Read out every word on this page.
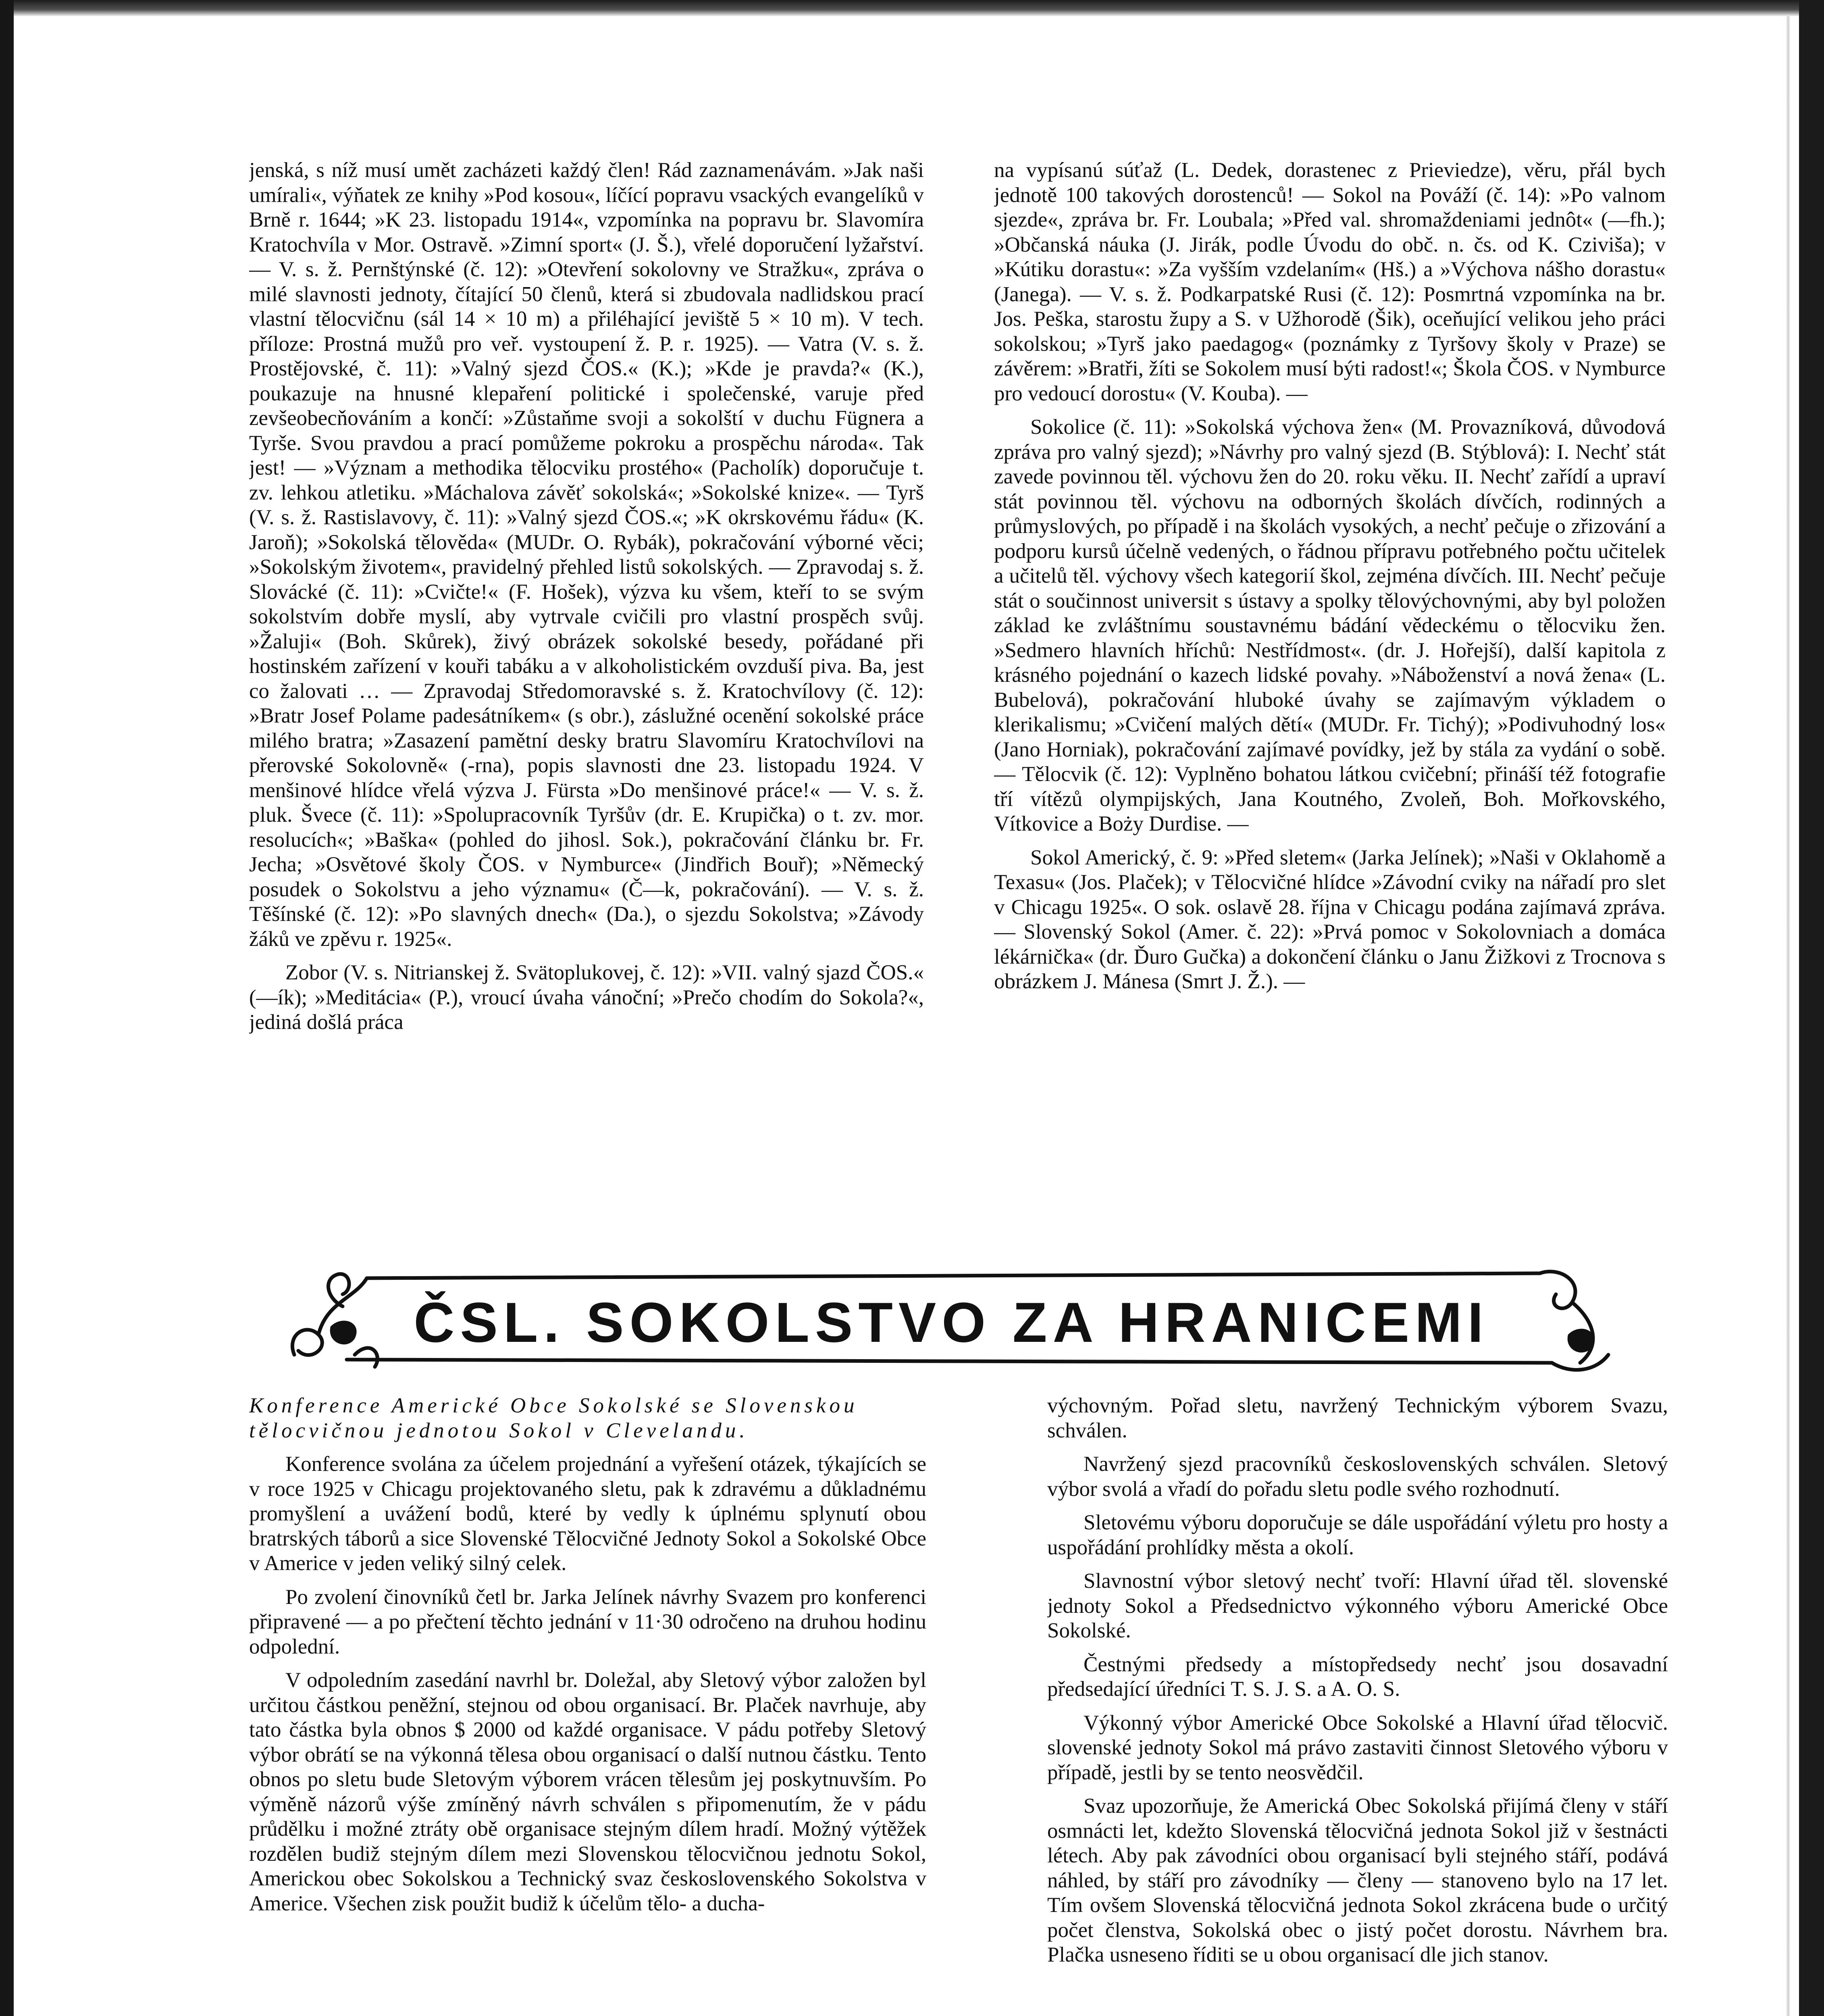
jenská, s níž musí umět zacházeti každý člen! Rád zaznamenávám. »Jak naši umírali«, výňatek ze knihy »Pod kosou«, líčící popravu vsackých evangelíků v Brně r. 1644; »K 23. listopadu 1914«, vzpomínka na popravu br. Slavomíra Kratochvíla v Mor. Ostravě. »Zimní sport« (J. Š.), vřelé doporučení lyžařství. — V. s. ž. Pernštýnské (č. 12): »Otevření sokolovny ve Stražku«, zpráva o milé slavnosti jednoty, čítající 50 členů, která si zbudovala nadlidskou prací vlastní tělocvičnu (sál 14 × 10 m) a přiléhající jeviště 5 × 10 m). V tech. příloze: Prostná mužů pro veř. vystoupení ž. P. r. 1925). — Vatra (V. s. ž. Prostějovské, č. 11): »Valný sjezd ČOS.« (K.); »Kde je pravda?« (K.), poukazuje na hnusné klepaření politické i společenské, varuje před zevšeobecňováním a končí: »Zůstaňme svoji a sokolští v duchu Fügnera a Tyrše. Svou pravdou a prací pomůžeme pokroku a prospěchu národa«. Tak jest! — »Význam a methodika tělocviku prostého« (Pacholík) doporučuje t. zv. lehkou atletiku. »Máchalova závěť sokolská«; »Sokolské knize«. — Tyrš (V. s. ž. Rastislavovy, č. 11): »Valný sjezd ČOS.«; »K okrskovému řádu« (K. Jaroň); »Sokolská tělověda« (MUDr. O. Rybák), pokračování výborné věci; »Sokolským životem«, pravidelný přehled listů sokolských. — Zpravodaj s. ž. Slovácké (č. 11): »Cvičte!« (F. Hošek), výzva ku všem, kteří to se svým sokolstvím dobře myslí, aby vytrvale cvičili pro vlastní prospěch svůj. »Žaluji« (Boh. Skůrek), živý obrázek sokolské besedy, pořádané při hostinském zařízení v kouři tabáku a v alkoholistickém ovzduší piva. Ba, jest co žalovati … — Zpravodaj Středomoravské s. ž. Kratochvílovy (č. 12): »Bratr Josef Polame padesátníkem« (s obr.), záslužné ocenění sokolské práce milého bratra; »Zasazení pamětní desky bratru Slavomíru Kratochvílovi na přerovské Sokolovně« (-rna), popis slavnosti dne 23. listopadu 1924. V menšinové hlídce vřelá výzva J. Fürsta »Do menšinové práce!« — V. s. ž. pluk. Švece (č. 11): »Spolupracovník Tyršův (dr. E. Krupička) o t. zv. mor. resolucích«; »Baška« (pohled do jihosl. Sok.), pokračování článku br. Fr. Jecha; »Osvětové školy ČOS. v Nymburce« (Jindřich Bouř); »Německý posudek o Sokolstvu a jeho významu« (Č—k, pokračování). — V. s. ž. Těšínské (č. 12): »Po slavných dnech« (Da.), o sjezdu Sokolstva; »Závody žáků ve zpěvu r. 1925«.

Zobor (V. s. Nitrianskej ž. Svätoplukovej, č. 12): »VII. valný sjazd ČOS.« (—ík); »Meditácia« (P.), vroucí úvaha vánoční; »Prečo chodím do Sokola?«, jediná došlá práca

na vypísanú súťaž (L. Dedek, dorastenec z Prieviedze), věru, přál bych jednotě 100 takových dorostenců! — Sokol na Pováží (č. 14): »Po valnom sjezde«, zpráva br. Fr. Loubala; »Před val. shromaždeniami jednôt« (—fh.); »Občanská náuka (J. Jirák, podle Úvodu do obč. n. čs. od K. Czivišа); v »Kútiku dorastu«: »Za vyšším vzdelaním« (Hš.) a »Výchova nášho dorastu« (Janega). — V. s. ž. Podkarpatské Rusi (č. 12): Posmrtná vzpomínka na br. Jos. Peška, starostu župy a S. v Užhorodě (Šik), oceňující velikou jeho práci sokolskou; »Tyrš jako paedagog« (poznámky z Tyršovy školy v Praze) se závěrem: »Bratři, žíti se Sokolem musí býti radost!«; Škola ČOS. v Nymburce pro vedoucí dorostu« (V. Kouba). —

Sokolice (č. 11): »Sokolská výchova žen« (M. Provazníková, důvodová zpráva pro valný sjezd); »Návrhy pro valný sjezd (B. Stýblová): I. Nechť stát zavede povinnou těl. výchovu žen do 20. roku věku. II. Nechť zařídí a upraví stát povinnou těl. výchovu na odborných školách dívčích, rodinných a průmyslových, po případě i na školách vysokých, a nechť pečuje o zřizování a podporu kursů účelně vedených, o řádnou přípravu potřebného počtu učitelek a učitelů těl. výchovy všech kategorií škol, zejména dívčích. III. Nechť pečuje stát o součinnost universit s ústavy a spolky tělovýchovnými, aby byl položen základ ke zvláštnímu soustavnému bádání vědeckému o tělocviku žen. »Sedmero hlavních hříchů: Nestřídmost«. (dr. J. Hořejší), další kapitola z krásného pojednání o kazech lidské povahy. »Náboženství a nová žena« (L. Bubelová), pokračování hluboké úvahy se zajímavým výkladem o klerikalismu; »Cvičení malých dětí« (MUDr. Fr. Tichý); »Podivuhodný los« (Jano Horniak), pokračování zajímavé povídky, jež by stála za vydání o sobě. — Tělocvik (č. 12): Vyplněno bohatou látkou cvičební; přináší též fotografie tří vítězů olympijských, Jana Koutného, Zvoleň, Boh. Mořkovského, Vítkovice a Boży Durdise. —

Sokol Americký, č. 9: »Před sletem« (Jarka Jelínek); »Naši v Oklahomě a Texasu« (Jos. Plaček); v Tělocvičné hlídce »Závodní cviky na nářadí pro slet v Chicagu 1925«. O sok. oslavě 28. října v Chicagu podána zajímavá zpráva. — Slovenský Sokol (Amer. č. 22): »Prvá pomoc v Sokolovniach a domáca lékárnička« (dr. Ďuro Gučka) a dokončení článku o Janu Žižkovi z Trocnova s obrázkem J. Mánesa (Smrt J. Ž.). —

ČSL. SOKOLSTVO ZA HRANICEMI

Konference Americké Obce Sokolské se Slovenskou tělocvičnou jednotou Sokol v Clevelandu.

Konference svolána za účelem projednání a vyřešení otázek, týkajících se v roce 1925 v Chicagu projektovaného sletu, pak k zdravému a důkladnému promyšlení a uvážení bodů, které by vedly k úplnému splynutí obou bratrských táborů a sice Slovenské Tělocvičné Jednoty Sokol a Sokolské Obce v Americe v jeden veliký silný celek.

Po zvolení činovníků četl br. Jarka Jelínek návrhy Svazem pro konferenci připravené — a po přečtení těchto jednání v 11·30 odročeno na druhou hodinu odpolední.

V odpoledním zasedání navrhl br. Doležal, aby Sletový výbor založen byl určitou částkou peněžní, stejnou od obou organisací. Br. Plaček navrhuje, aby tato částka byla obnos $ 2000 od každé organisace. V pádu potřeby Sletový výbor obrátí se na výkonná tělesa obou organisací o další nutnou částku. Tento obnos po sletu bude Sletovým výborem vrácen tělesům jej poskytnuvším. Po výměně názorů výše zmíněný návrh schválen s připomenutím, že v pádu průdělku i možné ztráty obě organisace stejným dílem hradí. Možný výtěžek rozdělen budiž stejným dílem mezi Slovenskou tělocvičnou jednotu Sokol, Americkou obec Sokolskou a Technický svaz československého Sokolstva v Americe. Všechen zisk použit budiž k účelům tělo- a ducha-

výchovným. Pořad sletu, navržený Technickým výborem Svazu, schválen.

Navržený sjezd pracovníků československých schválen. Sletový výbor svolá a vřadí do pořadu sletu podle svého rozhodnutí.

Sletovému výboru doporučuje se dále uspořádání výletu pro hosty a uspořádání prohlídky města a okolí.

Slavnostní výbor sletový nechť tvoří: Hlavní úřad těl. slovenské jednoty Sokol a Předsednictvo výkonného výboru Americké Obce Sokolské.

Čestnými předsedy a místopředsedy nechť jsou dosavadní předsedající úředníci T. S. J. S. a A. O. S.

Výkonný výbor Americké Obce Sokolské a Hlavní úřad tělocvič. slovenské jednoty Sokol má právo zastaviti činnost Sletového výboru v případě, jestli by se tento neosvědčil.

Svaz upozorňuje, že Americká Obec Sokolská přijímá členy v stáří osmnácti let, kdežto Slovenská tělocvičná jednota Sokol již v šestnácti létech. Aby pak závodníci obou organisací byli stejného stáří, podává náhled, by stáří pro závodníky — členy — stanoveno bylo na 17 let. Tím ovšem Slovenská tělocvičná jednota Sokol zkrácena bude o určitý počet členstva, Sokolská obec o jistý počet dorostu. Návrhem bra. Plačka usneseno říditi se u obou organisací dle jich stanov.
